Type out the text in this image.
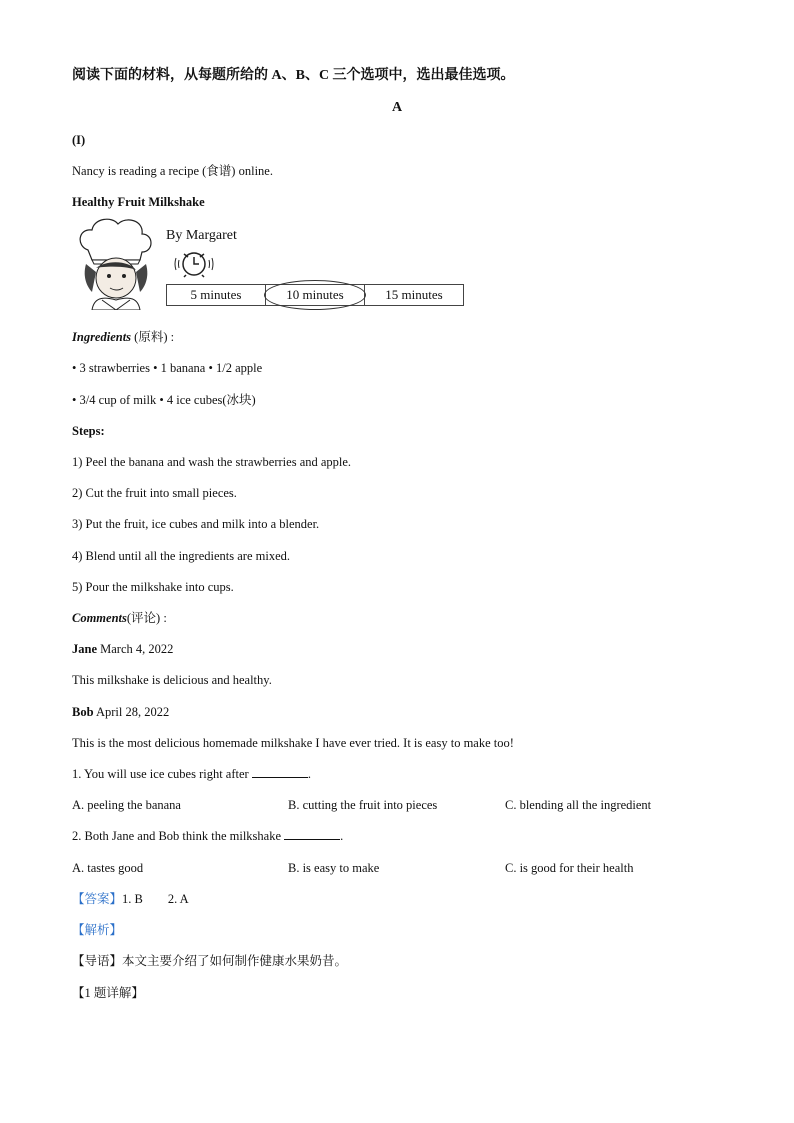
阅读下面的材料，从每题所给的 A、B、C 三个选项中，选出最佳选项。
A
(I)
Nancy is reading a recipe (食谱) online.
Healthy Fruit Milkshake
By Margaret
5 minutes	10 minutes	15 minutes
Ingredients (原料) :
• 3 strawberries • 1 banana • 1/2 apple
• 3/4 cup of milk • 4 ice cubes(冰块)
Steps:
1) Peel the banana and wash the strawberries and apple.
2) Cut the fruit into small pieces.
3) Put the fruit, ice cubes and milk into a blender.
4) Blend until all the ingredients are mixed.
5) Pour the milkshake into cups.
Comments(评论) :
Jane March 4, 2022
This milkshake is delicious and healthy.
Bob April 28, 2022
This is the most delicious homemade milkshake I have ever tried. It is easy to make too!
1. You will use ice cubes right after	.
A. peeling the banana	B. cutting the fruit into pieces	C. blending all the ingredient
2. Both Jane and Bob think the milkshake	.
A. tastes good	B. is easy to make	C. is good for their health
【答案】1. B        2. A
【解析】
【导语】本文主要介绍了如何制作健康水果奶昔。
【1 题详解】
